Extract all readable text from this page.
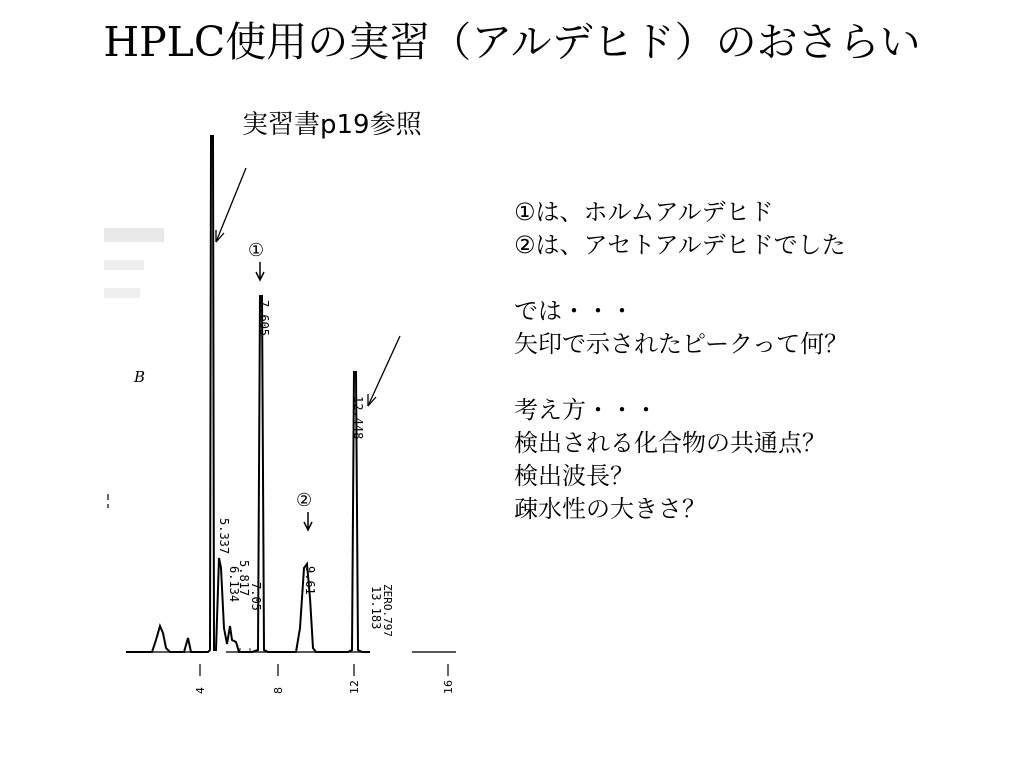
HPLC使用の実習（アルデヒド）のおさらい
実習書p19参照
B
4	8	12	16
7.605
9.61
12.448
5.337
6.134
5.817
7.05	13.183
ZERO.797
①
②
①は、ホルムアルデヒド
②は、アセトアルデヒドでした
では・・・
矢印で示されたピークって何？
考え方・・・
検出される化合物の共通点？
検出波長？
疎水性の大きさ？
